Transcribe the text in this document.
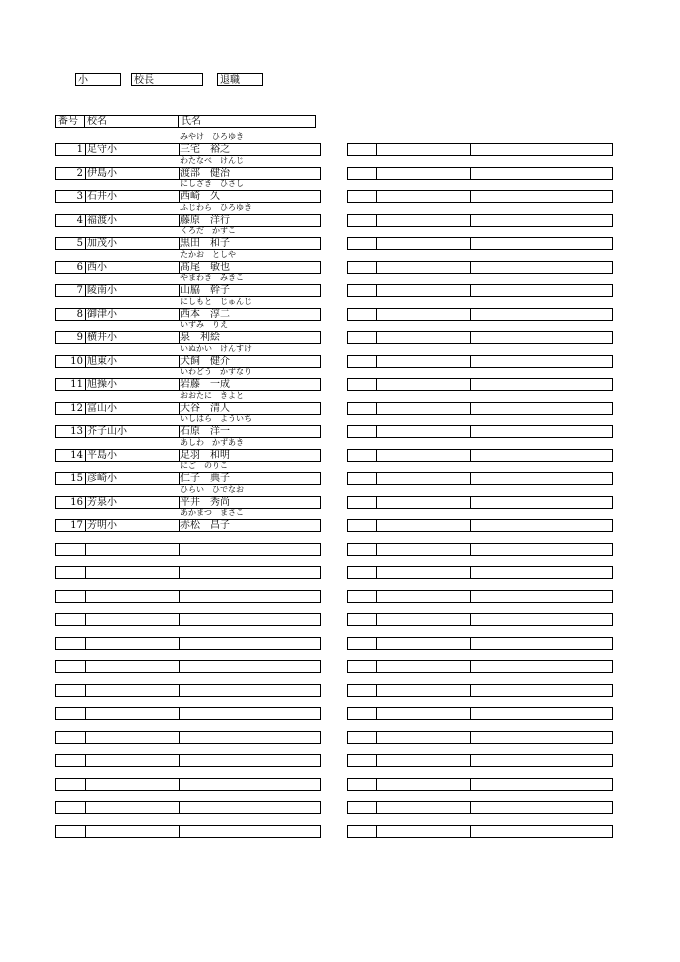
小	校長	退職
番号 校名	氏名
みやけ　ひろゆき
1 足守小	三宅　裕之
わたなべ　けんじ
2 伊島小	渡部　健治
にしざき　ひさし
3 石井小	西崎　久
ふじわら　ひろゆき
4 福渡小	藤原　洋行
くろだ　かずこ
5 加茂小	黒田　和子
たかお　としや
6 西小	髙尾　敏也
やまわき　みきこ
7 陵南小	山脇　幹子
にしもと　じゅんじ
8 御津小	西本　淳二
いずみ　りえ
9 横井小	泉　利絵
いぬかい　けんすけ
10 旭東小	犬飼　健介
いわどう　かずなり
11 旭操小	岩藤　一成
おおたに　きよと
12 富山小	大谷　清人
いしはら　よういち
13 芥子山小	石原　洋一
あしわ　かずあき
14 平島小	足羽　和明
にご　のりこ
15 彦崎小	仁子　典子
ひらい　ひでなお
16 芳泉小	平井　秀尚
あかまつ　まさこ
17 芳明小	赤松　昌子
